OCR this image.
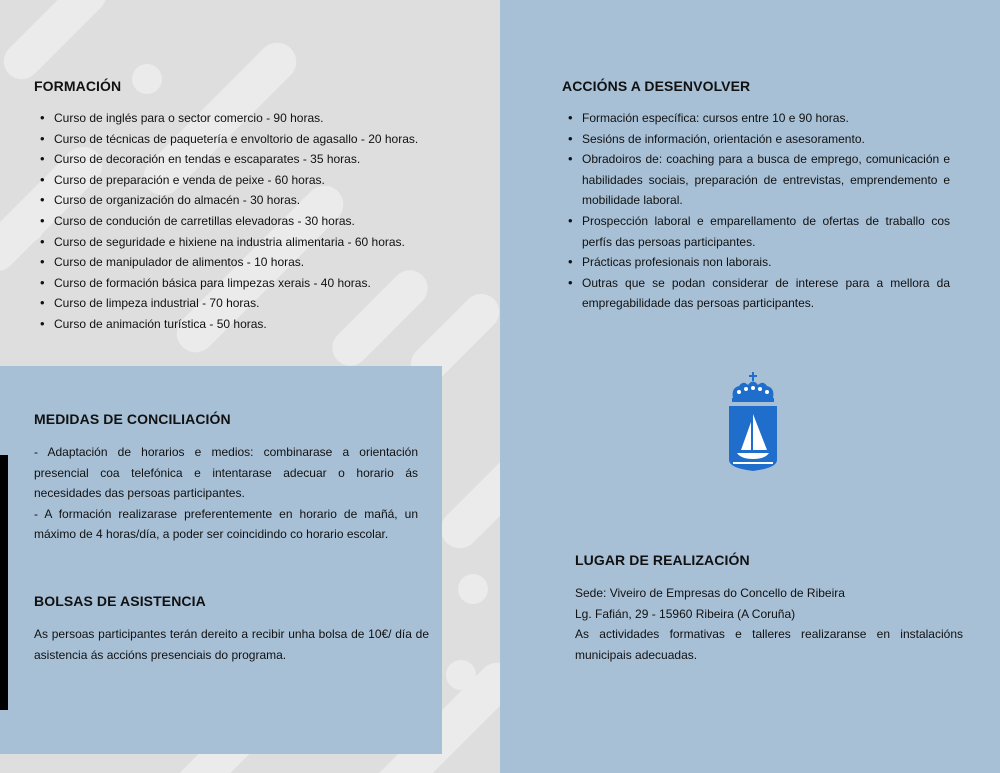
FORMACIÓN
• Curso de inglés para o sector comercio - 90 horas.
• Curso de técnicas de paquetería e envoltorio de agasallo - 20 horas.
• Curso de decoración en tendas e escaparates - 35 horas.
• Curso de preparación e venda de peixe - 60 horas.
• Curso de organización do almacén - 30 horas.
• Curso de condución de carretillas elevadoras - 30 horas.
• Curso de seguridade e hixiene na industria alimentaria - 60 horas.
• Curso de manipulador de alimentos - 10 horas.
• Curso de formación básica para limpezas xerais - 40 horas.
• Curso de limpeza industrial - 70 horas.
• Curso de animación turística - 50 horas.
ACCIÓNS A DESENVOLVER
• Formación específica: cursos entre 10 e 90 horas.
• Sesións de información, orientación e asesoramento.
• Obradoiros de: coaching para a busca de emprego, comunicación e habilidades sociais, preparación de entrevistas, emprendemento e mobilidade laboral.
• Prospección laboral e emparellamento de ofertas de traballo cos perfís das persoas participantes.
• Prácticas profesionais non laborais.
• Outras que se podan considerar de interese para a mellora da empregabilidade das persoas participantes.
MEDIDAS DE CONCILIACIÓN
- Adaptación de horarios e medios: combinarase a orientación presencial coa telefónica e intentarase adecuar o horario ás necesidades das persoas participantes.
- A formación realizarase preferentemente en horario de mañá, un máximo de 4 horas/día, a poder ser coincidindo co horario escolar.
BOLSAS DE ASISTENCIA

As persoas participantes terán dereito a recibir unha bolsa de 10€/ día de asistencia ás accións presenciais do programa.

LUGAR DE REALIZACIÓN
Sede: Viveiro de Empresas do Concello de Ribeira
Lg. Fafián, 29 - 15960 Ribeira (A Coruña)
As actividades formativas e talleres realizaranse en instalacións municipais adecuadas.
